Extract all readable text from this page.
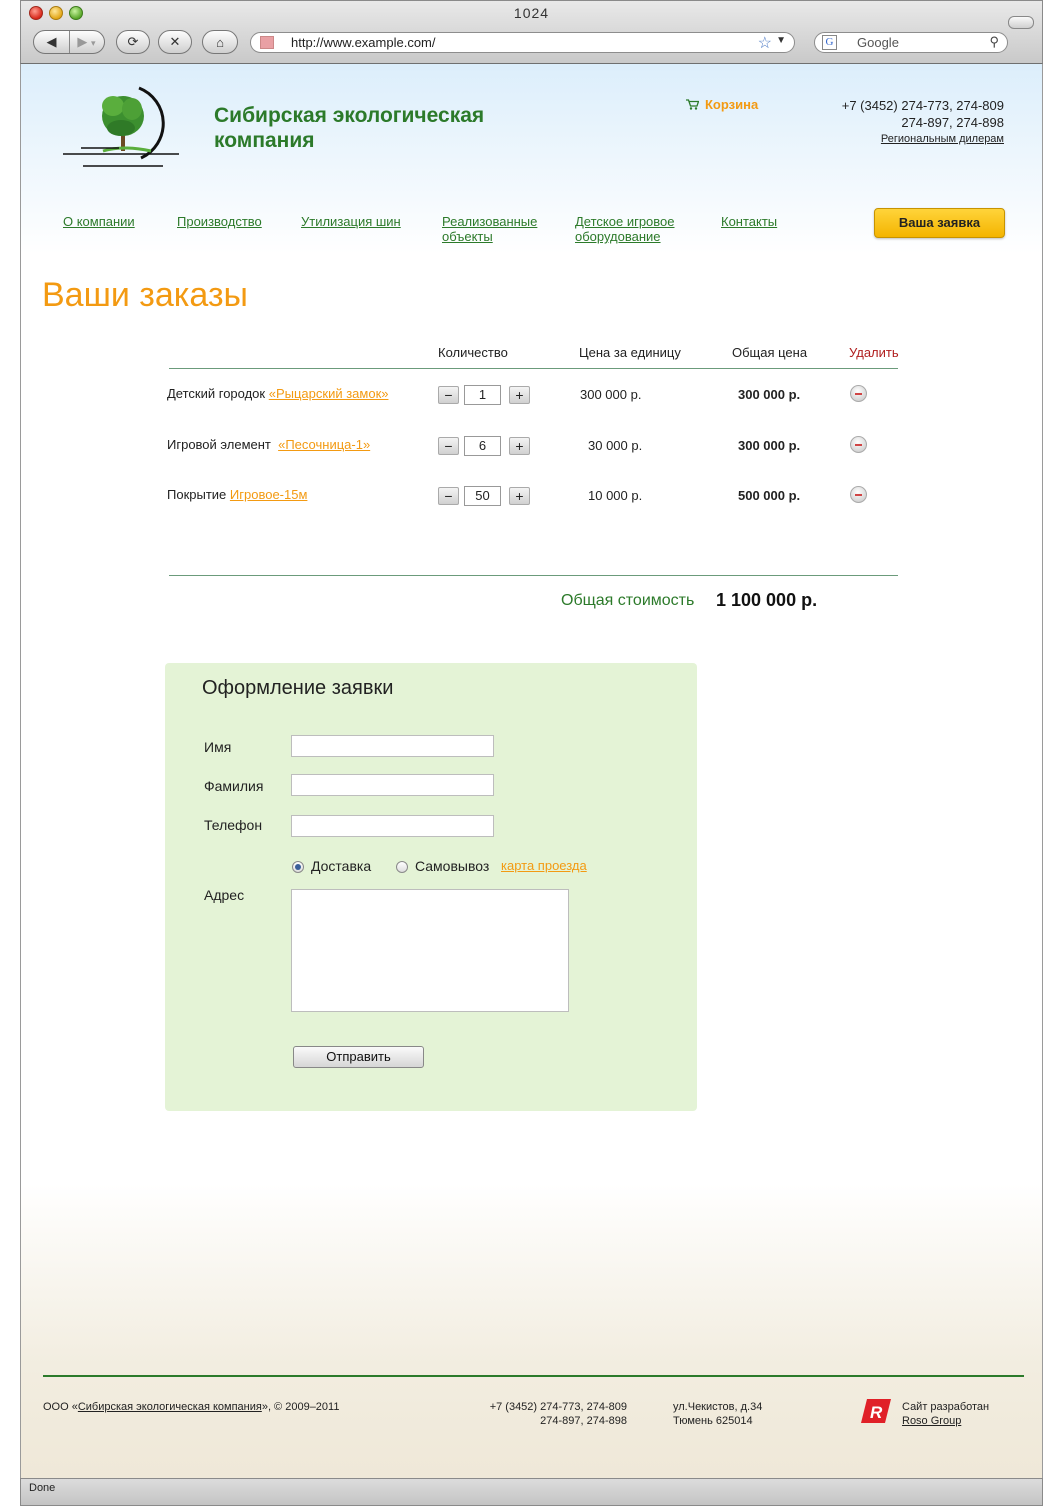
1024
◀	▶ ▾	⟳	✕	⌂	http://www.example.com/	☆ ▼	G Google	⚲
Сибирская экологическая компания
Корзина	+7 (3452) 274-773, 274-809
274-897, 274-898
Региональным дилерам
О компании	Производство	Утилизация шин	Реализованные объекты
Детское игровое оборудование
Контакты	Ваша заявка
Ваши заказы
Количество	Цена за единицу	Общая цена	Удалить
Детский городок «Рыцарский замок»	−	1	+	300 000 р.	300 000 р.
Игровой элемент «Песочница-1»	−	6	+	30 000 р.	300 000 р.
Покрытие Игровое-15м	−	50	+	10 000 р.	500 000 р.
Общая стоимость 1 100 000 р.
Оформление заявки
Имя
Фамилия
Телефон
Доставка	Самовывоз карта проезда
Адрес
Отправить
ООО «Сибирская экологическая компания», © 2009–2011	+7 (3452) 274-773, 274-809
274-897, 274-898
ул.Чекистов, д.34
Тюмень 625014	R Сайт разработан
Roso Group
Done
